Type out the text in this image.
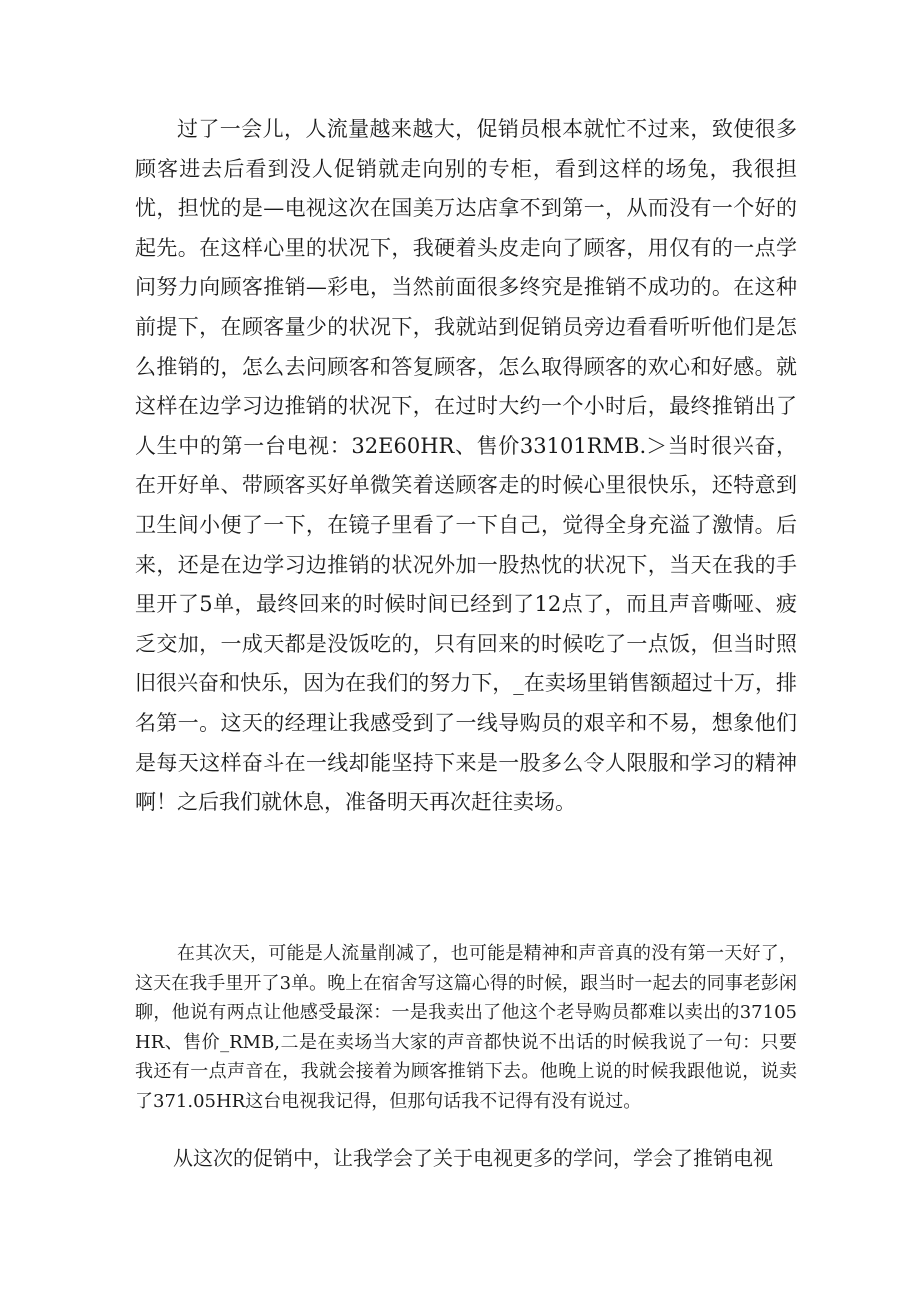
过了一会儿，人流量越来越大，促销员根本就忙不过来，致使很多顾客进去后看到没人促销就走向别的专柜，看到这样的场兔，我很担忧，担忧的是—电视这次在国美万达店拿不到第一，从而没有一个好的起先。在这样心里的状况下，我硬着头皮走向了顾客，用仅有的一点学问努力向顾客推销—彩电，当然前面很多终究是推销不成功的。在这种前提下，在顾客量少的状况下，我就站到促销员旁边看看听听他们是怎么推销的，怎么去问顾客和答复顾客，怎么取得顾客的欢心和好感。就这样在边学习边推销的状况下，在过时大约一个小时后，最终推销出了人生中的第一台电视：32E60HR、售价33101RMB.＞当时很兴奋，在开好单、带顾客买好单微笑着送顾客走的时候心里很快乐，还特意到卫生间小便了一下，在镜子里看了一下自己，觉得全身充溢了激情。后来，还是在边学习边推销的状况外加一股热忱的状况下，当天在我的手里开了5单，最终回来的时候时间已经到了12点了，而且声音嘶哑、疲乏交加，一成天都是没饭吃的，只有回来的时候吃了一点饭，但当时照旧很兴奋和快乐，因为在我们的努力下，_在卖场里销售额超过十万，排名第一。这天的经理让我感受到了一线导购员的艰辛和不易，想象他们是每天这样奋斗在一线却能坚持下来是一股多么令人限服和学习的精神啊！之后我们就休息，准备明天再次赶往卖场。

在其次天，可能是人流量削减了，也可能是精神和声音真的没有第一天好了，这天在我手里开了3单。晚上在宿舍写这篇心得的时候，跟当时一起去的同事老彭闲聊，他说有两点让他感受最深：一是我卖出了他这个老导购员都难以卖出的37105HR、售价_RMB,二是在卖场当大家的声音都快说不出话的时候我说了一句：只要我还有一点声音在，我就会接着为顾客推销下去。他晚上说的时候我跟他说，说卖了371.05HR这台电视我记得，但那句话我不记得有没有说过。

从这次的促销中，让我学会了关于电视更多的学问，学会了推销电视
